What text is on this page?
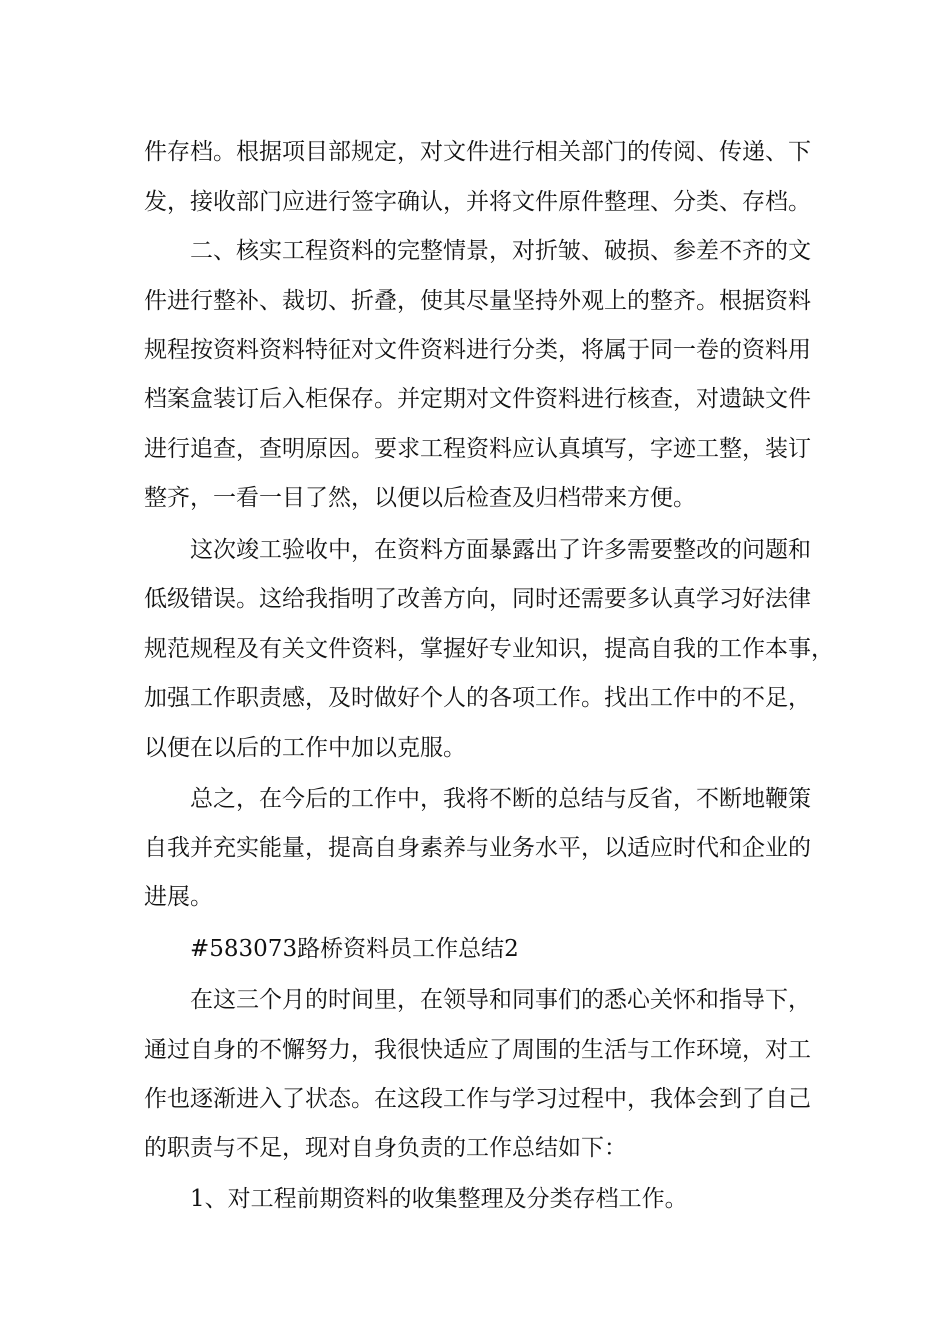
件存档。根据项目部规定，对文件进行相关部门的传阅、传递、下
发，接收部门应进行签字确认，并将文件原件整理、分类、存档。
二、核实工程资料的完整情景，对折皱、破损、参差不齐的文
件进行整补、裁切、折叠，使其尽量坚持外观上的整齐。根据资料
规程按资料资料特征对文件资料进行分类，将属于同一卷的资料用
档案盒装订后入柜保存。并定期对文件资料进行核查，对遗缺文件
进行追查，查明原因。要求工程资料应认真填写，字迹工整，装订
整齐，一看一目了然，以便以后检查及归档带来方便。
这次竣工验收中，在资料方面暴露出了许多需要整改的问题和
低级错误。这给我指明了改善方向，同时还需要多认真学习好法律
规范规程及有关文件资料，掌握好专业知识，提高自我的工作本事，
加强工作职责感，及时做好个人的各项工作。找出工作中的不足，
以便在以后的工作中加以克服。
总之，在今后的工作中，我将不断的总结与反省，不断地鞭策
自我并充实能量，提高自身素养与业务水平，以适应时代和企业的
进展。
#583073路桥资料员工作总结2
在这三个月的时间里，在领导和同事们的悉心关怀和指导下，
通过自身的不懈努力，我很快适应了周围的生活与工作环境，对工
作也逐渐进入了状态。在这段工作与学习过程中，我体会到了自己
的职责与不足，现对自身负责的工作总结如下：
1、对工程前期资料的收集整理及分类存档工作。
